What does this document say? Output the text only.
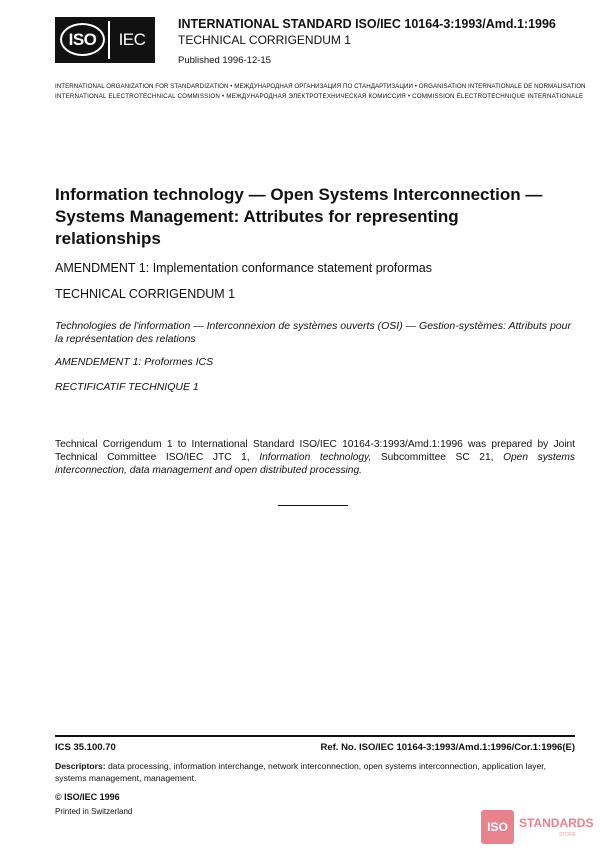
ISO	IEC
INTERNATIONAL STANDARD ISO/IEC 10164-3:1993/Amd.1:1996
TECHNICAL CORRIGENDUM 1
Published 1996-12-15
INTERNATIONAL ORGANIZATION FOR STANDARDIZATION • МЕЖДУНАРОДНАЯ ОРГАНИЗАЦИЯ ПО СТАНДАРТИЗАЦИИ • ORGANISATION INTERNATIONALE DE NORMALISATION
INTERNATIONAL ELECTROTECHNICAL COMMISSION • МЕЖДУНАРОДНАЯ ЭЛЕКТРОТЕХНИЧЕСКАЯ КОМИССИЯ • COMMISSION ÉLECTROTECHNIQUE INTERNATIONALE
Information technology — Open Systems Interconnection — Systems Management: Attributes for representing relationships
AMENDMENT 1: Implementation conformance statement proformas
TECHNICAL CORRIGENDUM 1
Technologies de l'information — Interconnexion de systèmes ouverts (OSI) — Gestion-systèmes: Attributs pour la représentation des relations
AMENDEMENT 1: Proformes ICS
RECTIFICATIF TECHNIQUE 1
Technical Corrigendum 1 to International Standard ISO/IEC 10164-3:1993/Amd.1:1996 was prepared by Joint Technical Committee ISO/IEC JTC 1, Information technology, Subcommittee SC 21, Open systems interconnection, data management and open distributed processing.
ICS 35.100.70	Ref. No. ISO/IEC 10164-3:1993/Amd.1:1996/Cor.1:1996(E)
Descriptors: data processing, information interchange, network interconnection, open systems interconnection, application layer, systems management, management.
© ISO/IEC 1996
Printed in Switzerland
ISO STANDARDS
STORE
